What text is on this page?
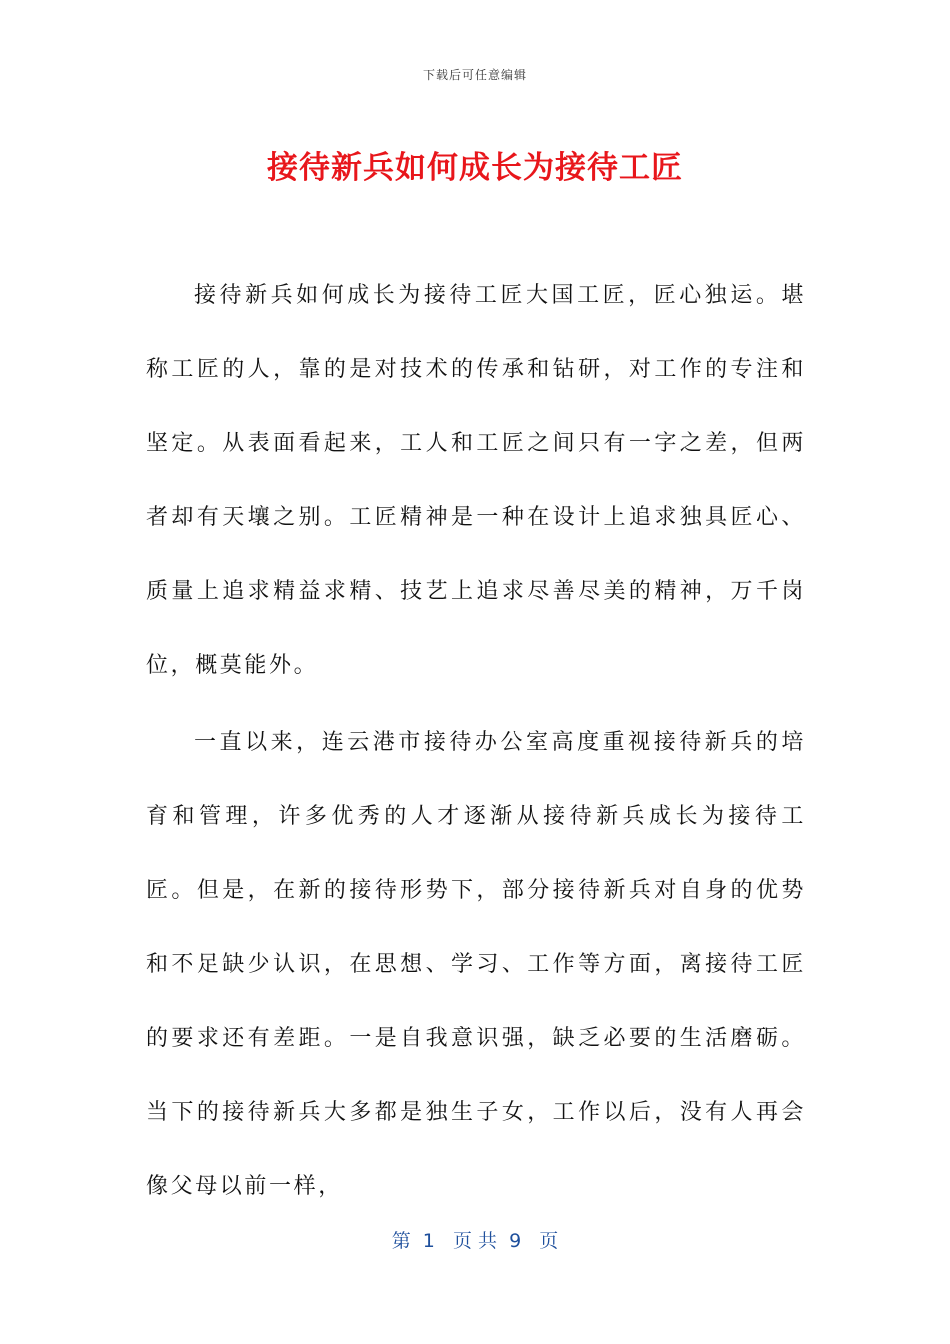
下载后可任意编辑
接待新兵如何成长为接待工匠

接待新兵如何成长为接待工匠大国工匠，匠心独运。堪称工匠的人，靠的是对技术的传承和钻研，对工作的专注和坚定。从表面看起来，工人和工匠之间只有一字之差，但两者却有天壤之别。工匠精神是一种在设计上追求独具匠心、质量上追求精益求精、技艺上追求尽善尽美的精神，万千岗位，概莫能外。

一直以来，连云港市接待办公室高度重视接待新兵的培育和管理，许多优秀的人才逐渐从接待新兵成长为接待工匠。但是，在新的接待形势下，部分接待新兵对自身的优势和不足缺少认识，在思想、学习、工作等方面，离接待工匠的要求还有差距。一是自我意识强，缺乏必要的生活磨砺。当下的接待新兵大多都是独生子女，工作以后，没有人再会像父母以前一样，

第  1   页 共  9   页
